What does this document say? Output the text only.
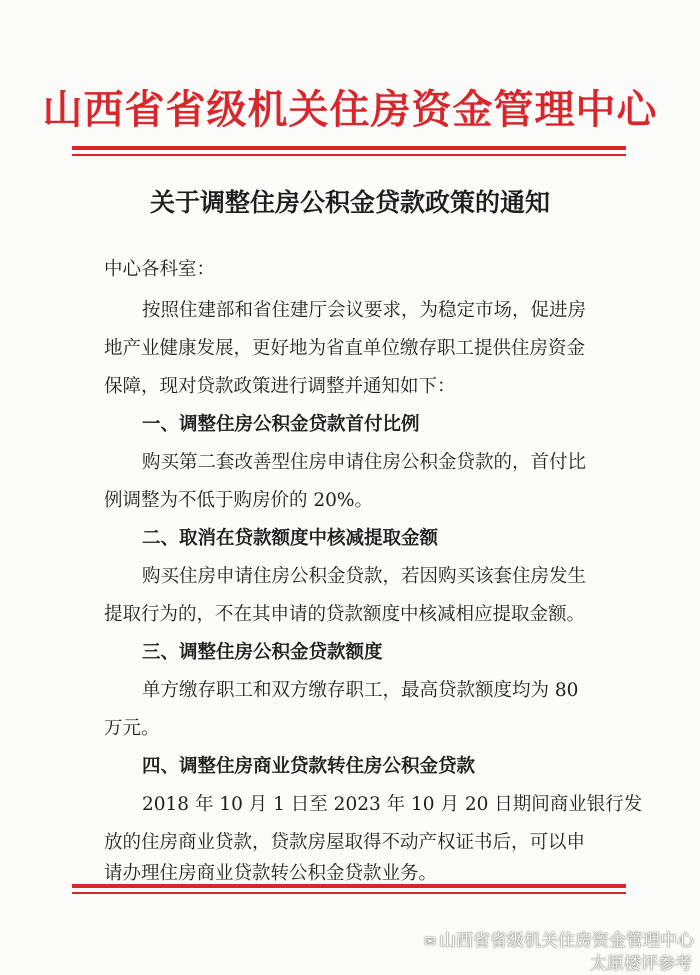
山西省省级机关住房资金管理中心
关于调整住房公积金贷款政策的通知
中心各科室：
按照住建部和省住建厅会议要求，为稳定市场，促进房
地产业健康发展，更好地为省直单位缴存职工提供住房资金
保障，现对贷款政策进行调整并通知如下：
一、调整住房公积金贷款首付比例
购买第二套改善型住房申请住房公积金贷款的，首付比
例调整为不低于购房价的 20%。
二、取消在贷款额度中核减提取金额
购买住房申请住房公积金贷款，若因购买该套住房发生
提取行为的，不在其申请的贷款额度中核减相应提取金额。
三、调整住房公积金贷款额度
单方缴存职工和双方缴存职工，最高贷款额度均为 80
万元。
四、调整住房商业贷款转住房公积金贷款
2018 年 10 月 1 日至 2023 年 10 月 20 日期间商业银行发
放的住房商业贷款，贷款房屋取得不动产权证书后，可以申
请办理住房商业贷款转公积金贷款业务。
✉ 山西省省级机关住房资金管理中心
太原楼评参考
